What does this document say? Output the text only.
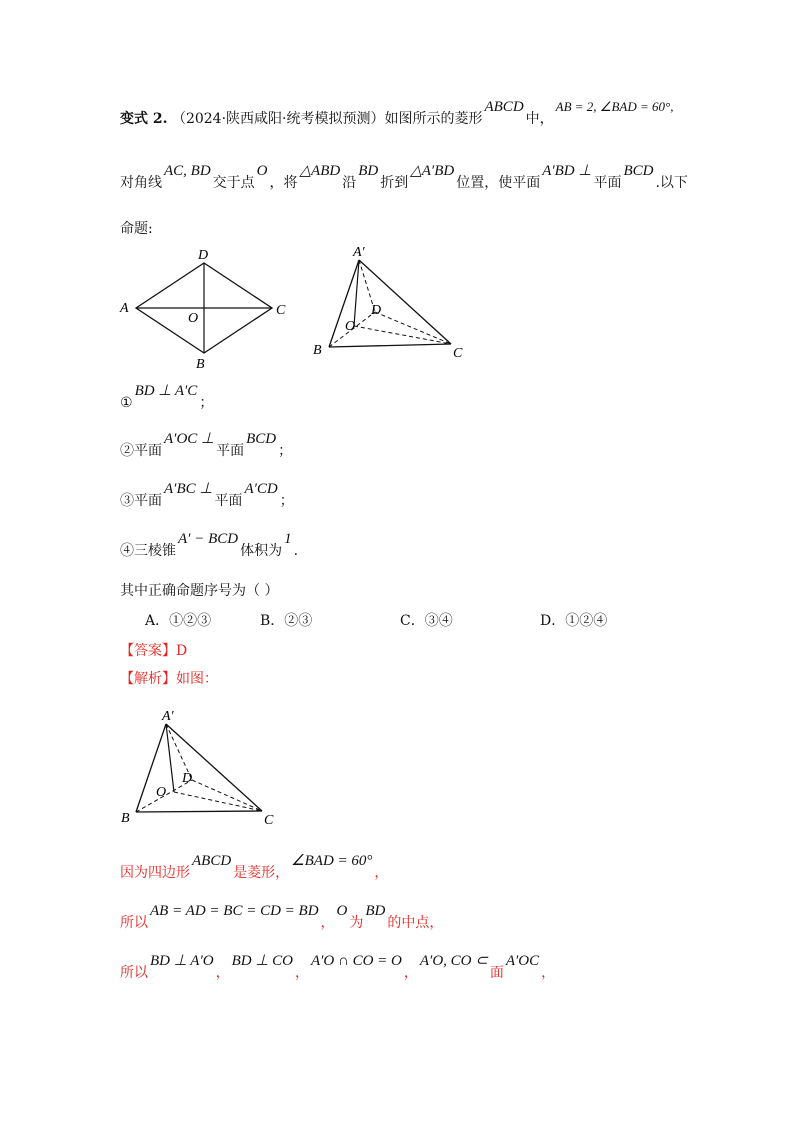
变式 2. （2024·陕西咸阳·统考模拟预测）如图所示的菱形ABCD中，AB = 2, ∠BAD = 60°,
对角线AC, BD交于点O，将△ABD沿BD折到△A′BD位置，使平面A′BD ⊥平面BCD.以下
命题:
A
D
C
B
O
A′
B	C
D
O
①BD ⊥ A′C；
②平面A′OC ⊥平面BCD；
③平面A′BC ⊥平面A′CD；
④三棱锥A′ − BCD体积为1.
其中正确命题序号为（ ）
A．①②③	B．②③	C．③④	D．①②④
【答案】D
【解析】如图：
A′
B	C
D
O
因为四边形ABCD是菱形，∠BAD = 60°，
所以AB = AD = BC = CD = BD，O为BD的中点，
所以BD ⊥ A′O，BD ⊥ CO，A′O ∩ CO = O，A′O, CO ⊂面A′OC，
